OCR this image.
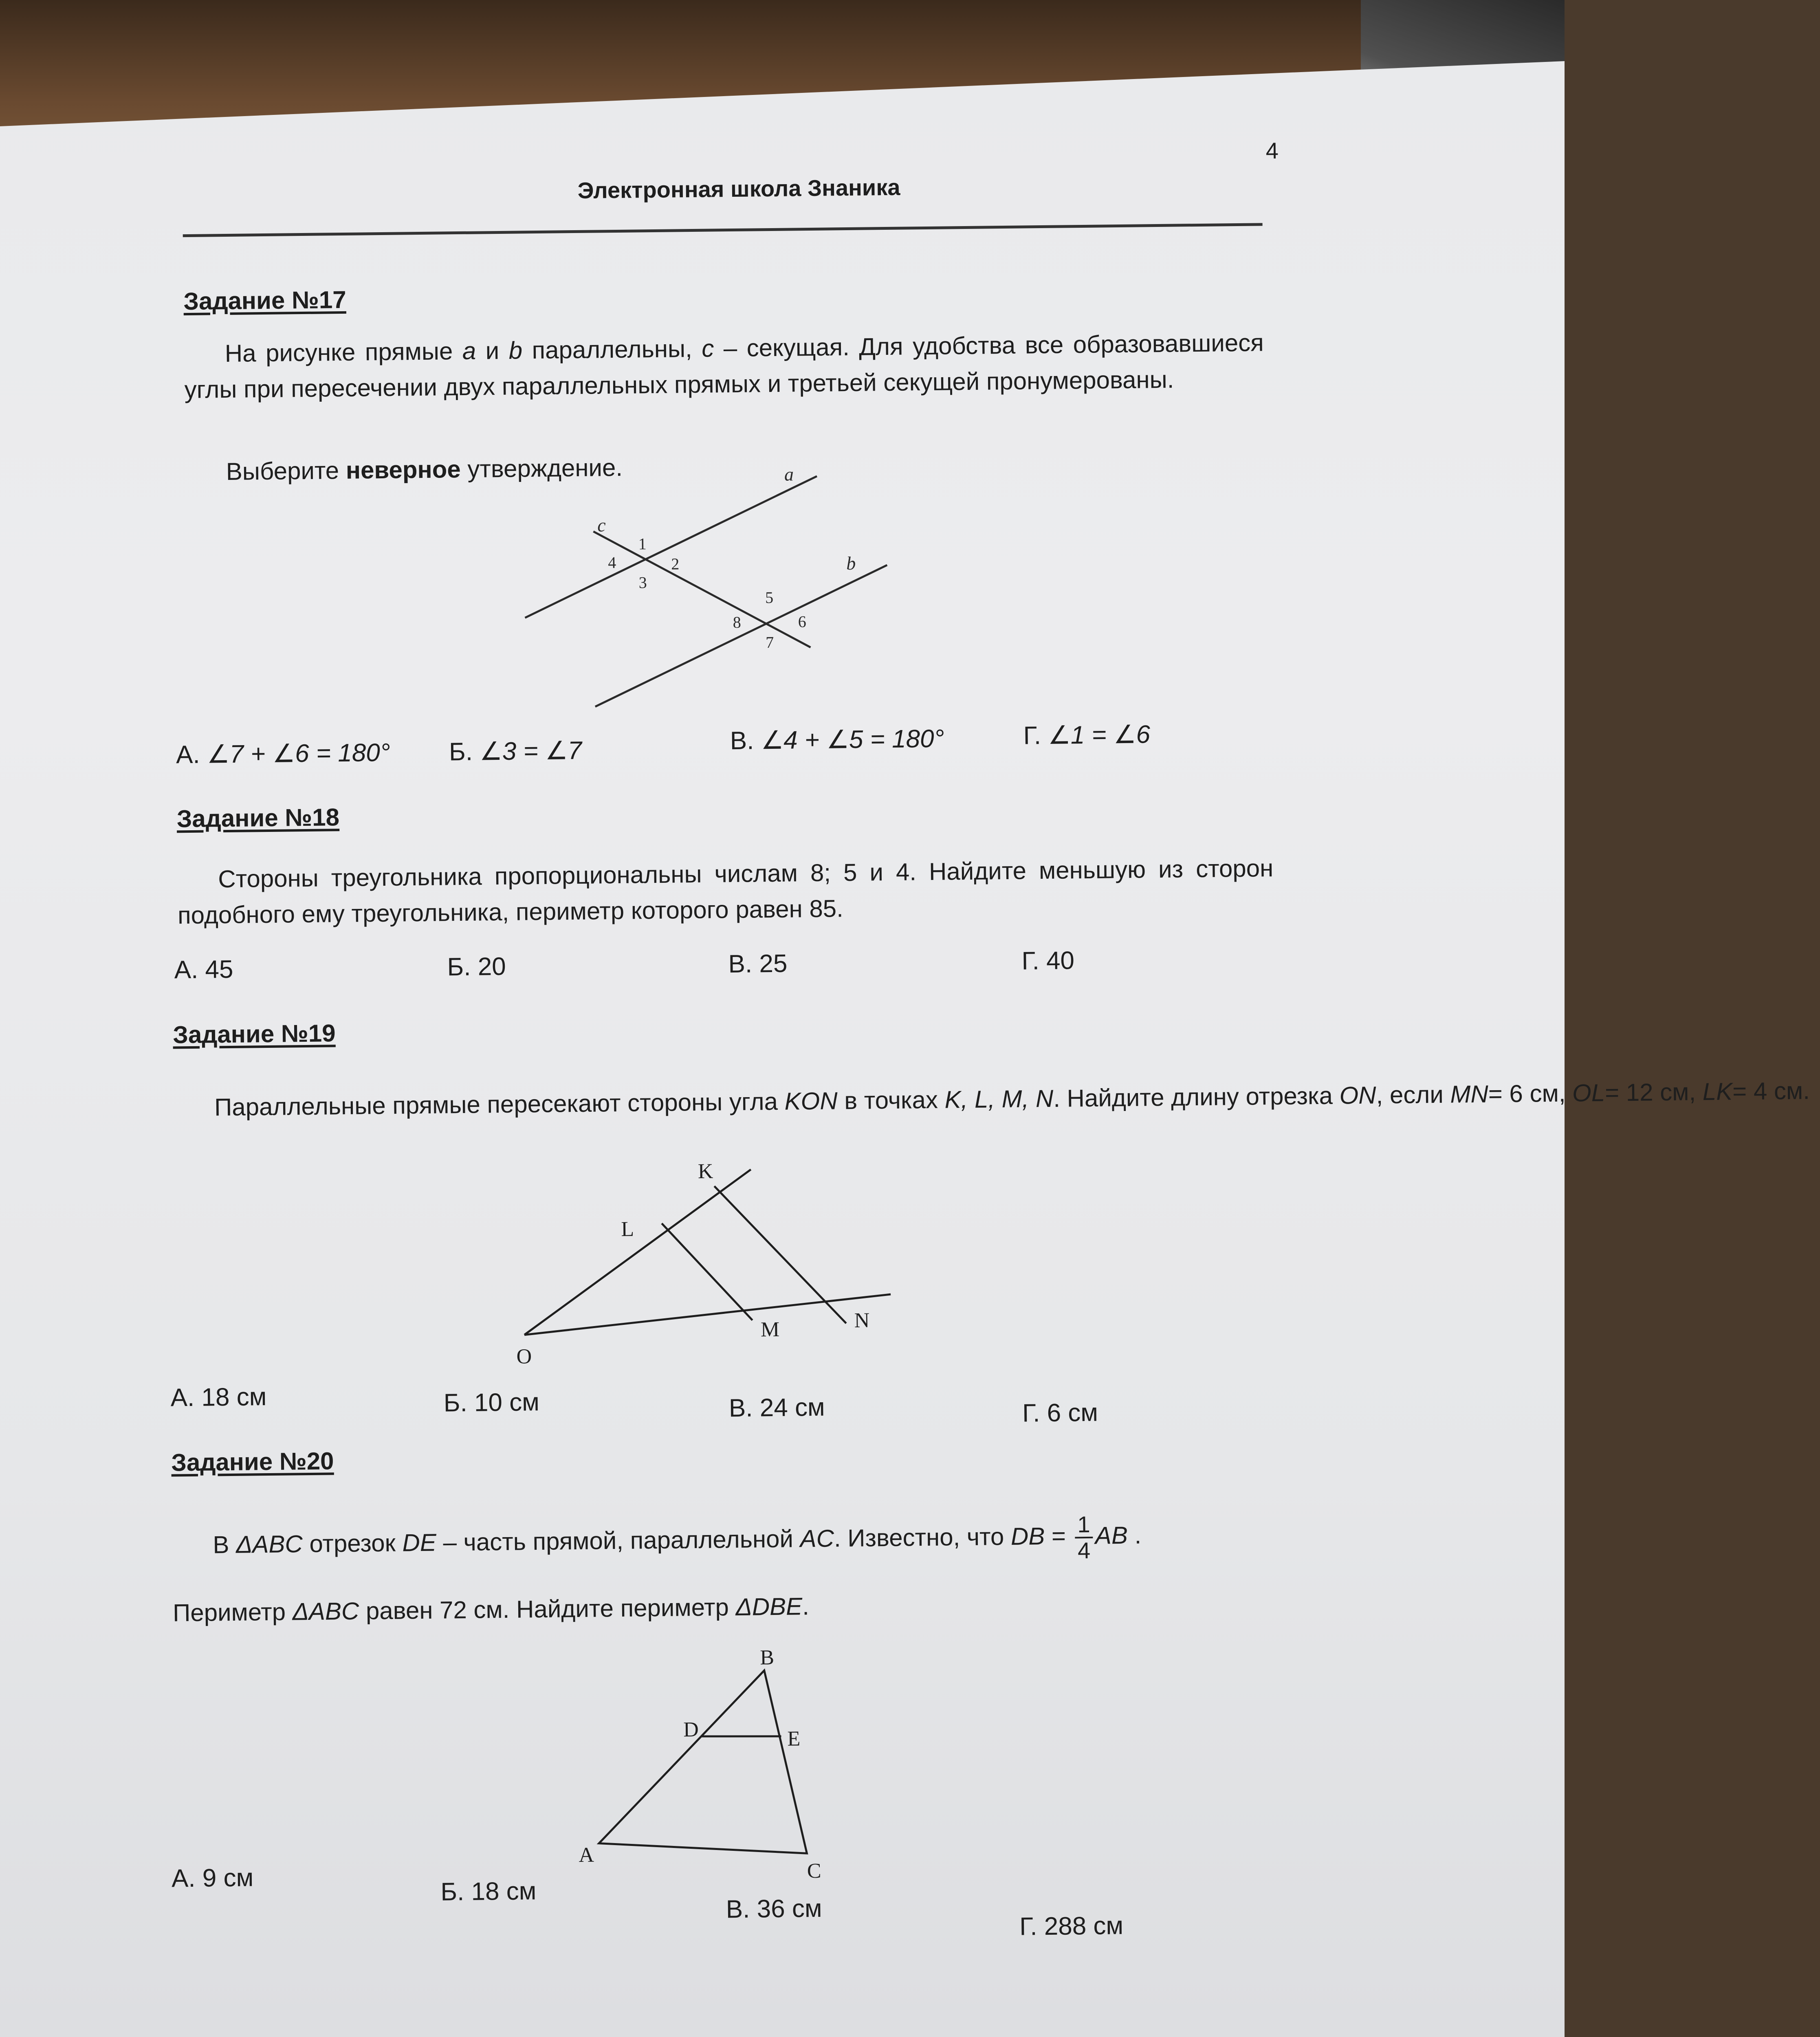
4
Электронная школа Знаника
Задание №17
На рисунке прямые a и b параллельны, c – секущая. Для удобства все образовавшиеся углы при пересечении двух параллельных прямых и третьей секущей пронумерованы.
Выберите неверное утверждение.	a
b
c
1
2
3
4
5
6
7
8
А. ∠7 + ∠6 = 180° Б. ∠3 = ∠7	В. ∠4 + ∠5 = 180°	Г. ∠1 = ∠6
Задание №18
Стороны треугольника пропорциональны числам 8; 5 и 4. Найдите меньшую из сторон подобного ему треугольника, периметр которого равен 85.
А. 45	Б. 20	В. 25	Г. 40
Задание №19
Параллельные прямые пересекают стороны угла KON в точках K, L, M, N. Найдите длину отрезка ON, если MN= 6 см, OL= 12 см, LK= 4 см.
K
L
M	N
O
А. 18 см	Б. 10 см	В. 24 см	Г. 6 см
Задание №20
В ΔABC отрезок DE – часть прямой, параллельной AC. Известно, что DB = $\frac{1}{4}$ AB .
Периметр ΔABC равен 72 см. Найдите периметр ΔDBE.
B
D	E
A
C
А. 9 см	Б. 18 см
В. 36 см
Г. 288 см
